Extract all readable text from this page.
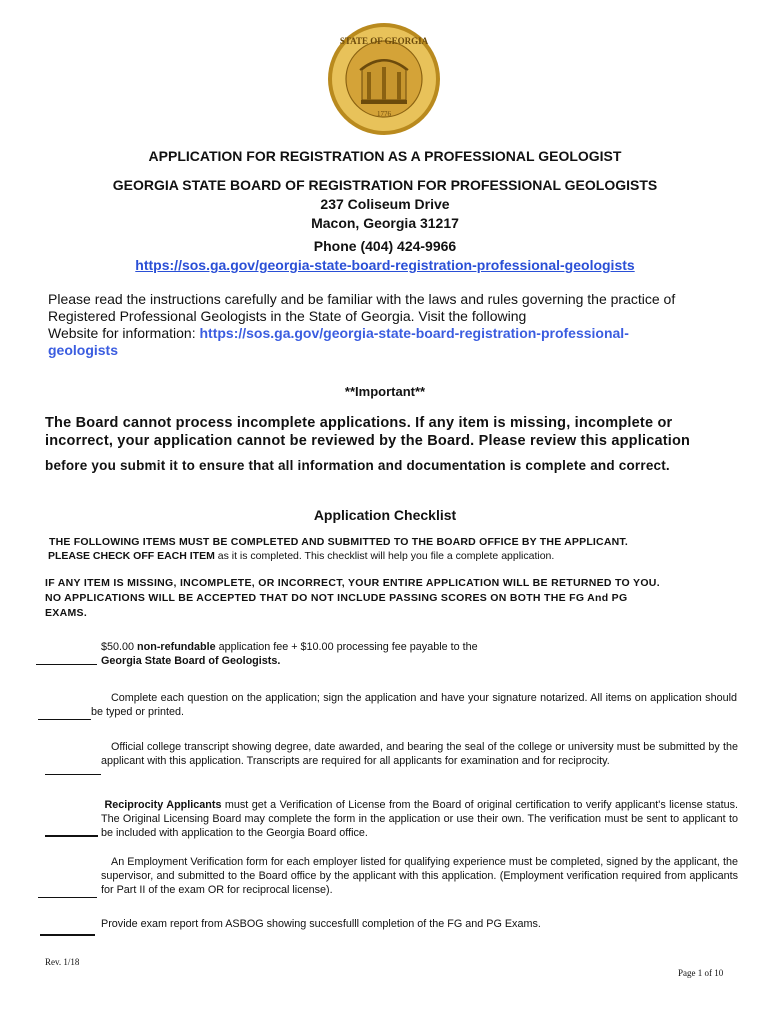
STATE OF GEORGIA
1776
APPLICATION FOR REGISTRATION AS A PROFESSIONAL GEOLOGIST
GEORGIA STATE BOARD OF REGISTRATION FOR PROFESSIONAL GEOLOGISTS
237 Coliseum Drive
Macon, Georgia 31217
Phone (404) 424-9966
https://sos.ga.gov/georgia-state-board-registration-professional-geologists
Please read the instructions carefully and be familiar with the laws and rules governing the practice of Registered Professional Geologists in the State of Georgia. Visit the following
Website for information: https://sos.ga.gov/georgia-state-board-registration-professional-
geologists
**Important**
The Board cannot process incomplete applications. If any item is missing, incomplete or
incorrect, your application cannot be reviewed by the Board. Please review this application
before you submit it to ensure that all information and documentation is complete and correct.
Application Checklist
THE FOLLOWING ITEMS MUST BE COMPLETED AND SUBMITTED TO THE BOARD OFFICE BY THE APPLICANT.
PLEASE CHECK OFF EACH ITEM as it is completed. This checklist will help you file a complete application.
IF ANY ITEM IS MISSING, INCOMPLETE, OR INCORRECT, YOUR ENTIRE APPLICATION WILL BE RETURNED TO YOU.
NO APPLICATIONS WILL BE ACCEPTED THAT DO NOT INCLUDE PASSING SCORES ON BOTH THE FG And PG
EXAMS.
$50.00 non-refundable application fee + $10.00 processing fee payable to the
Georgia State Board of Geologists.
Complete each question on the application; sign the application and have your signature notarized. All items on application should be typed or printed.
Official college transcript showing degree, date awarded, and bearing the seal of the college or university must be submitted by the applicant with this application. Transcripts are required for all applicants for examination and for reciprocity.
Reciprocity Applicants must get a Verification of License from the Board of original certification to verify applicant's license status. The Original Licensing Board may complete the form in the application or use their own. The verification must be sent to applicant to be included with application to the Georgia Board office.
An Employment Verification form for each employer listed for qualifying experience must be completed, signed by the applicant, the supervisor, and submitted to the Board office by the applicant with this application. (Employment verification required from applicants for Part II of the exam OR for reciprocal license).
Provide exam report from ASBOG showing succesfulll completion of the FG and PG Exams.
Rev. 1/18
Page 1 of 10
